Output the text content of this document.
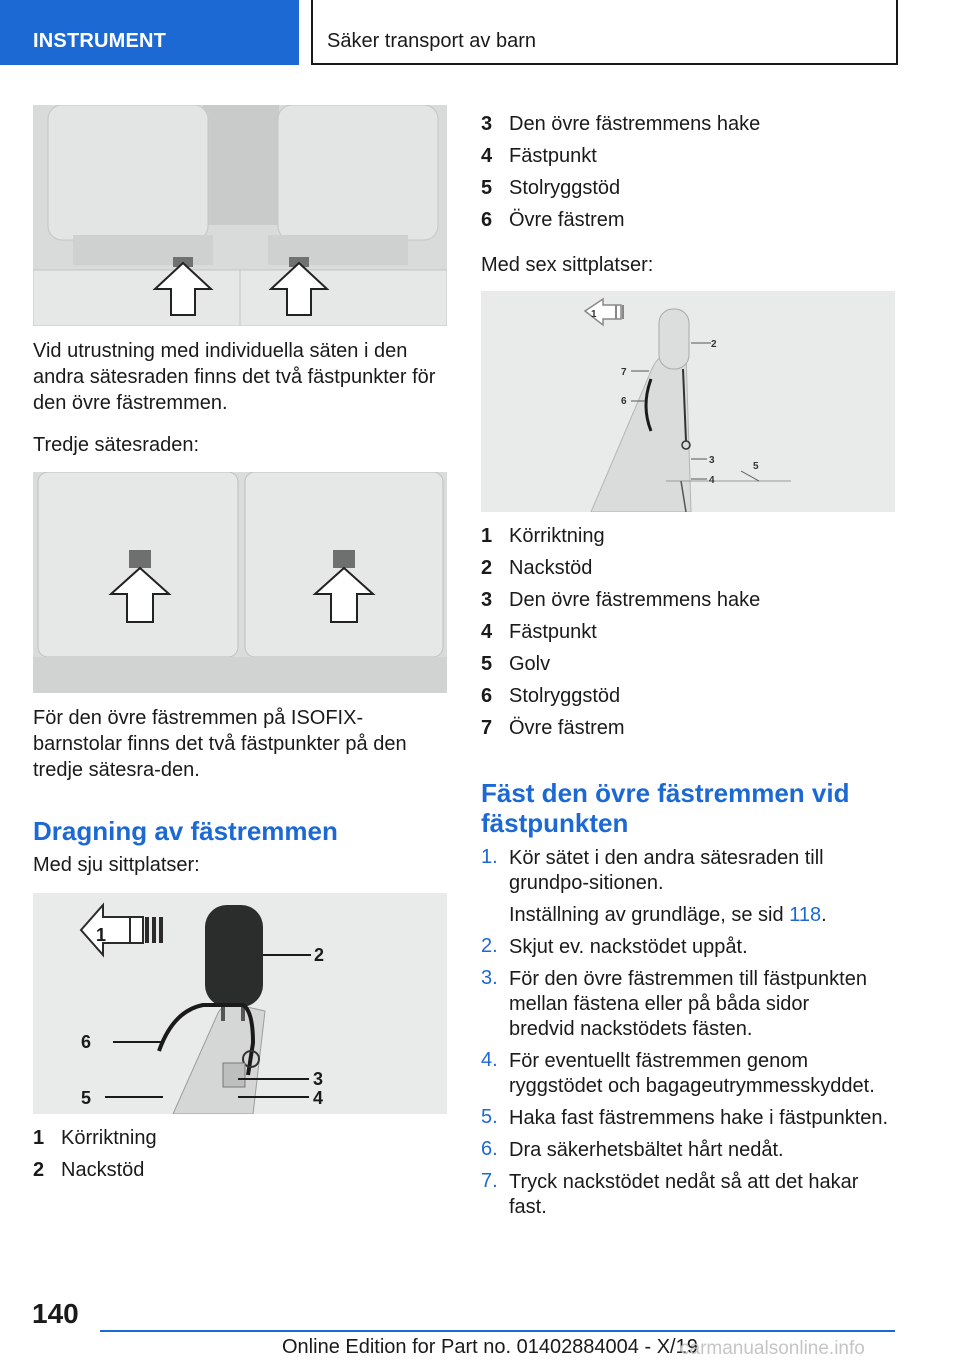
INSTRUMENT	Säker transport av barn
Vid utrustning med individuella säten i den andra sätesraden finns det två fästpunkter för den övre fästremmen.
Tredje sätesraden:
För den övre fästremmen på ISOFIX-barnstolar finns det två fästpunkter på den tredje sätesra-den.
Dragning av fästremmen
Med sju sittplatser:
1
2
6
3
5	4
1 Körriktning
2 Nackstöd
3 Den övre fästremmens hake
4 Fästpunkt
5 Stolryggstöd
6 Övre fästrem
Med sex sittplatser:
1
2
7
6
3
5
4
1 Körriktning
2 Nackstöd
3 Den övre fästremmens hake
4 Fästpunkt
5 Golv
6 Stolryggstöd
7 Övre fästrem
Fäst den övre fästremmen vid fästpunkten
1. Kör sätet i den andra sätesraden till grundpo-sitionen.
Inställning av grundläge, se sid 118.
2. Skjut ev. nackstödet uppåt.
3. För den övre fästremmen till fästpunkten mellan fästena eller på båda sidor bredvid nackstödets fästen.
4. För eventuellt fästremmen genom ryggstödet och bagageutrymmesskyddet.
5. Haka fast fästremmens hake i fästpunkten.
6. Dra säkerhetsbältet hårt nedåt.
7. Tryck nackstödet nedåt så att det hakar fast.
140
Online Edition for Part no. 01402884004 - X/19
carmanualsonline.info
